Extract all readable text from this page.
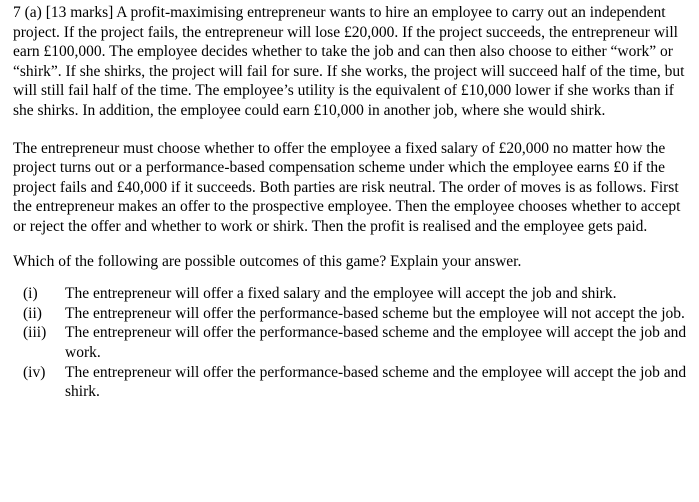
7 (a) [13 marks] A profit-maximising entrepreneur wants to hire an employee to carry out an independent project. If the project fails, the entrepreneur will lose £20,000. If the project succeeds, the entrepreneur will earn £100,000. The employee decides whether to take the job and can then also choose to either “work” or “shirk”. If she shirks, the project will fail for sure. If she works, the project will succeed half of the time, but will still fail half of the time. The employee’s utility is the equivalent of £10,000 lower if she works than if she shirks. In addition, the employee could earn £10,000 in another job, where she would shirk.

The entrepreneur must choose whether to offer the employee a fixed salary of £20,000 no matter how the project turns out or a performance-based compensation scheme under which the employee earns £0 if the project fails and £40,000 if it succeeds. Both parties are risk neutral. The order of moves is as follows. First the entrepreneur makes an offer to the prospective employee. Then the employee chooses whether to accept or reject the offer and whether to work or shirk. Then the profit is realised and the employee gets paid.

Which of the following are possible outcomes of this game? Explain your answer.

(i)	The entrepreneur will offer a fixed salary and the employee will accept the job and shirk.
(ii)	The entrepreneur will offer the performance-based scheme but the employee will not accept the job.
(iii)	The entrepreneur will offer the performance-based scheme and the employee will accept the job and work.
(iv)	The entrepreneur will offer the performance-based scheme and the employee will accept the job and shirk.
